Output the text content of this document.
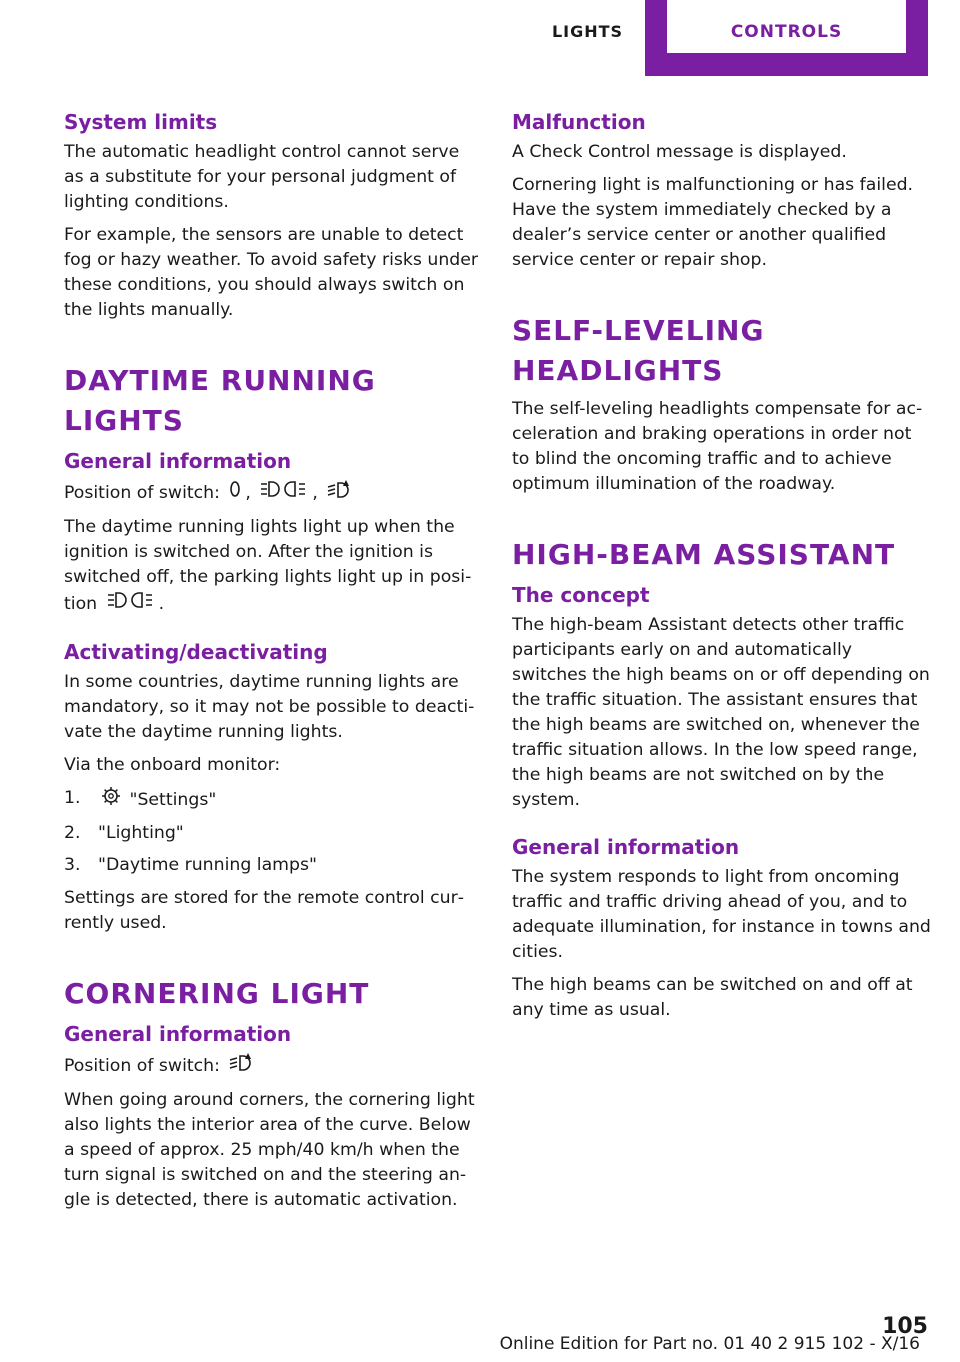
LIGHTS	CONTROLS
System limits

The automatic headlight control cannot serve as a substitute for your personal judgment of lighting conditions.

For example, the sensors are unable to detect fog or hazy weather. To avoid safety risks under these conditions, you should always switch on the lights manually.

DAYTIME RUNNING LIGHTS
General information

Position of switch: ,	,

The daytime running lights light up when the ignition is switched on. After the ignition is switched off, the parking lights light up in posi‐tion	.

Activating/deactivating

In some countries, daytime running lights are mandatory, so it may not be possible to deacti‐vate the daytime running lights.

Via the onboard monitor:

1.	"Settings"
2.	"Lighting"
3.	"Daytime running lamps"

Settings are stored for the remote control cur‐rently used.

CORNERING LIGHT
General information

Position of switch:

When going around corners, the cornering light also lights the interior area of the curve. Below a speed of approx. 25 mph/40 km/h when the turn signal is switched on and the steering an‐gle is detected, there is automatic activation.

Malfunction

A Check Control message is displayed.

Cornering light is malfunctioning or has failed. Have the system immediately checked by a dealer’s service center or another qualified service center or repair shop.

SELF-LEVELING HEADLIGHTS

The self-leveling headlights compensate for ac‐celeration and braking operations in order not to blind the oncoming traffic and to achieve optimum illumination of the roadway.

HIGH-BEAM ASSISTANT
The concept

The high-beam Assistant detects other traffic participants early on and automatically switches the high beams on or off depending on the traffic situation. The assistant ensures that the high beams are switched on, whenever the traffic situation allows. In the low speed range, the high beams are not switched on by the system.

General information

The system responds to light from oncoming traffic and traffic driving ahead of you, and to adequate illumination, for instance in towns and cities.

The high beams can be switched on and off at any time as usual.

105
Online Edition for Part no. 01 40 2 915 102 - X/16
